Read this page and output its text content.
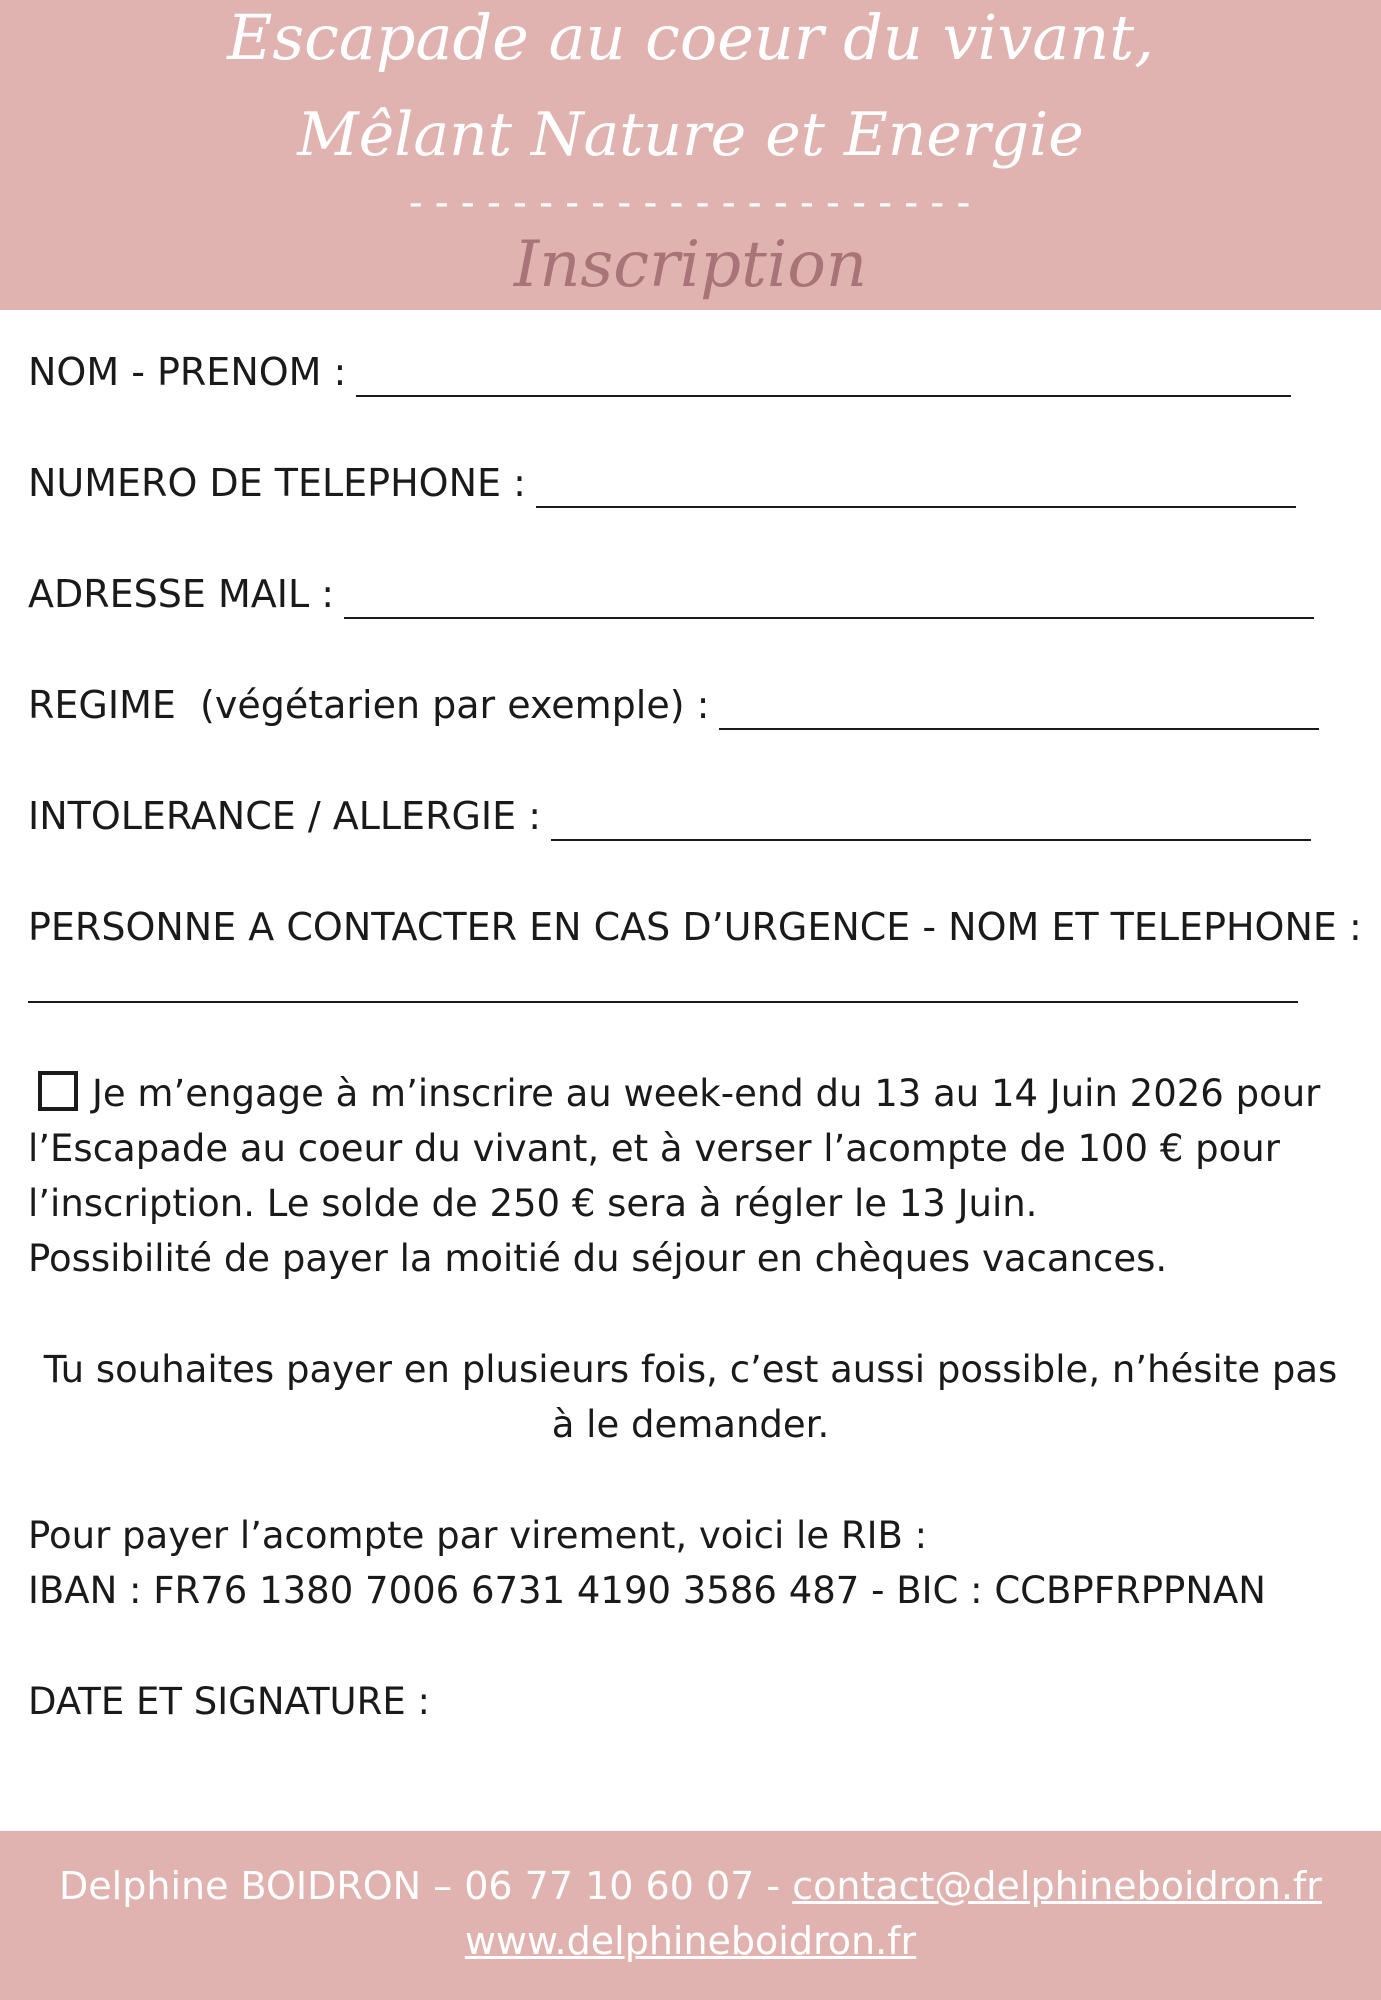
Escapade au coeur du vivant,
Mêlant Nature et Energie
----------------------
Inscription
NOM - PRENOM :
NUMERO DE TELEPHONE :
ADRESSE MAIL :
REGIME  (végétarien par exemple) :
INTOLERANCE / ALLERGIE :
PERSONNE A CONTACTER EN CAS D’URGENCE - NOM ET TELEPHONE :
Je m’engage à m’inscrire au week-end du 13 au 14 Juin 2026 pour
l’Escapade au coeur du vivant, et à verser l’acompte de 100 € pour
l’inscription. Le solde de 250 € sera à régler le 13 Juin.
Possibilité de payer la moitié du séjour en chèques vacances.
Tu souhaites payer en plusieurs fois, c’est aussi possible, n’hésite pas
à le demander.
Pour payer l’acompte par virement, voici le RIB :
IBAN : FR76 1380 7006 6731 4190 3586 487 - BIC : CCBPFRPPNAN
DATE ET SIGNATURE :
Delphine BOIDRON – 06 77 10 60 07 - contact@delphineboidron.fr
www.delphineboidron.fr
